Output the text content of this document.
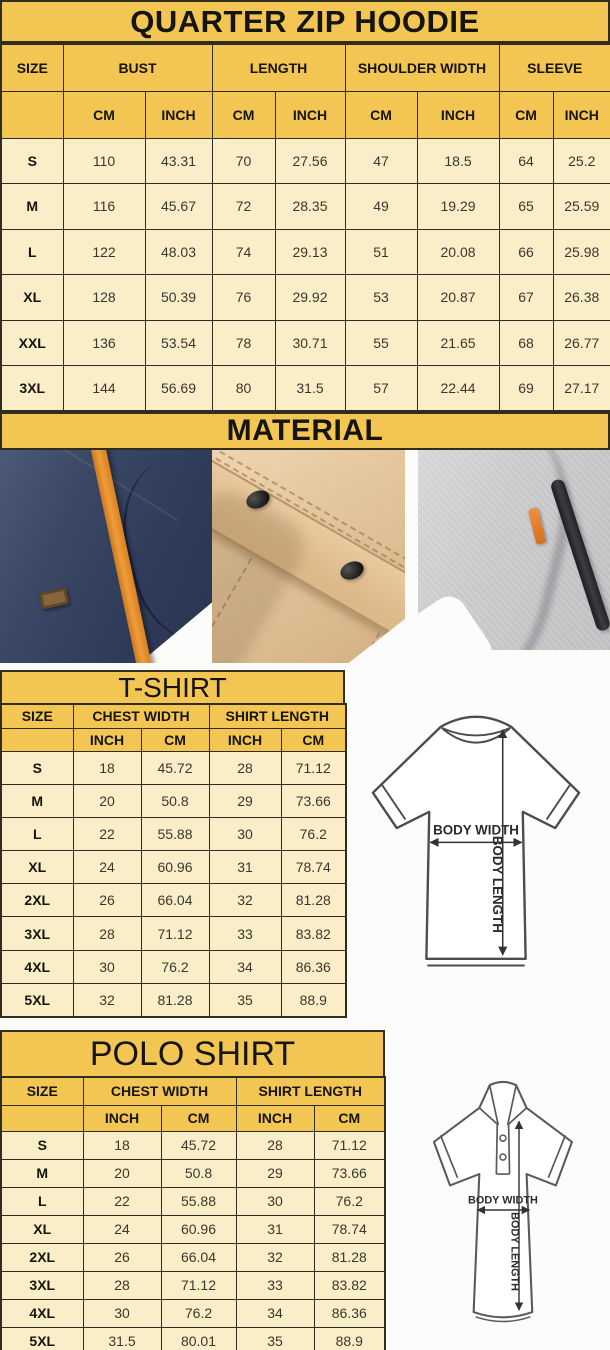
QUARTER ZIP HOODIE
SIZE	BUST		LENGTH		SHOULDER WIDTH		SLEEVE	
	CM	INCH	CM	INCH	CM	INCH	CM	INCH
S	110	43.31	70	27.56	47	18.5	64	25.2
M	116	45.67	72	28.35	49	19.29	65	25.59
L	122	48.03	74	29.13	51	20.08	66	25.98
XL	128	50.39	76	29.92	53	20.87	67	26.38
XXL	136	53.54	78	30.71	55	21.65	68	26.77
3XL	144	56.69	80	31.5	57	22.44	69	27.17
MATERIAL
T-SHIRT
SIZE	CHEST WIDTH		SHIRT LENGTH	
	INCH	CM	INCH	CM
S	18	45.72	28	71.12
M	20	50.8	29	73.66
L	22	55.88	30	76.2
XL	24	60.96	31	78.74
2XL	26	66.04	32	81.28
3XL	28	71.12	33	83.82
4XL	30	76.2	34	86.36
5XL	32	81.28	35	88.9
BODY WIDTH
BODY LENGTH
POLO SHIRT
SIZE	CHEST WIDTH		SHIRT LENGTH	
	INCH	CM	INCH	CM
S	18	45.72	28	71.12
M	20	50.8	29	73.66
L	22	55.88	30	76.2
XL	24	60.96	31	78.74
2XL	26	66.04	32	81.28
3XL	28	71.12	33	83.82
4XL	30	76.2	34	86.36
5XL	31.5	80.01	35	88.9
BODY WIDTH
BODY LENGTH
